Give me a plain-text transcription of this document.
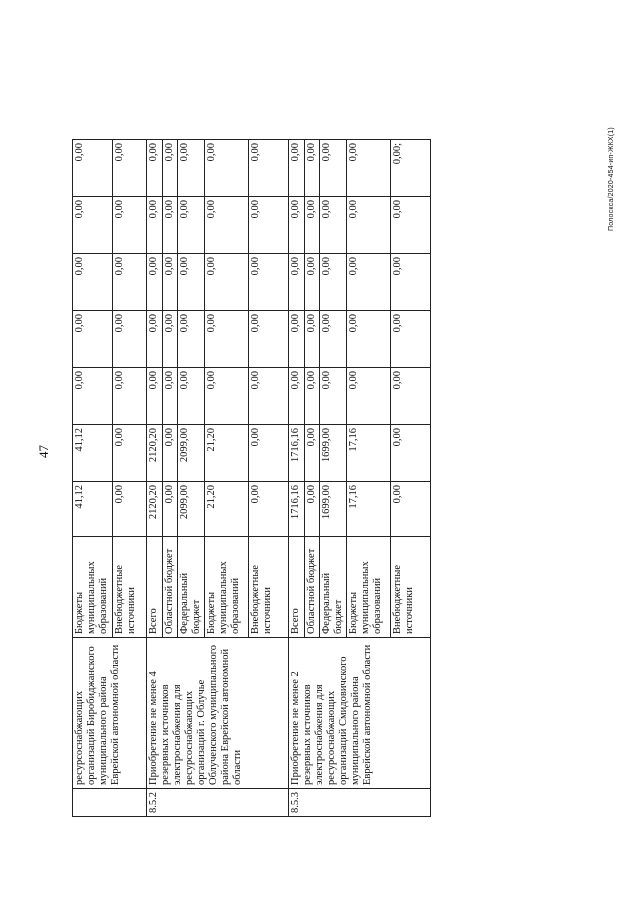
47
	ресурсоснабжающих организаций Биробиджанского муниципального района Еврейской автономной области	Бюджеты муниципальных образований	41,12	41,12	0,00	0,00	0,00	0,00	0,00
		Внебюджетные источники	0,00	0,00	0,00	0,00	0,00	0,00	0,00
8.5.2	Приобретение не менее 4 резервных источников электроснабжения для ресурсоснабжающих организаций г. Облучье Облученского муниципального района Еврейской автономной области	Всего	2120,20	2120,20	0,00	0,00	0,00	0,00	0,00
		Областной бюджет	0,00	0,00	0,00	0,00	0,00	0,00	0,00
		Федеральный бюджет	2099,00	2099,00	0,00	0,00	0,00	0,00	0,00
		Бюджеты муниципальных образований	21,20	21,20	0,00	0,00	0,00	0,00	0,00
		Внебюджетные источники	0,00	0,00	0,00	0,00	0,00	0,00	0,00
8.5.3	Приобретение не менее 2 резервных источников электроснабжения для ресурсоснабжающих организаций Смидовичского муниципального района Еврейской автономной области	Всего	1716,16	1716,16	0,00	0,00	0,00	0,00	0,00
		Областной бюджет	0,00	0,00	0,00	0,00	0,00	0,00	0,00
		Федеральный бюджет	1699,00	1699,00	0,00	0,00	0,00	0,00	0,00
		Бюджеты муниципальных образований	17,16	17,16	0,00	0,00	0,00	0,00	0,00
		Внебюджетные источники	0,00	0,00	0,00	0,00	0,00	0,00	0,00;	Полоскса/2020-454-ип-ЖКХ(1)
